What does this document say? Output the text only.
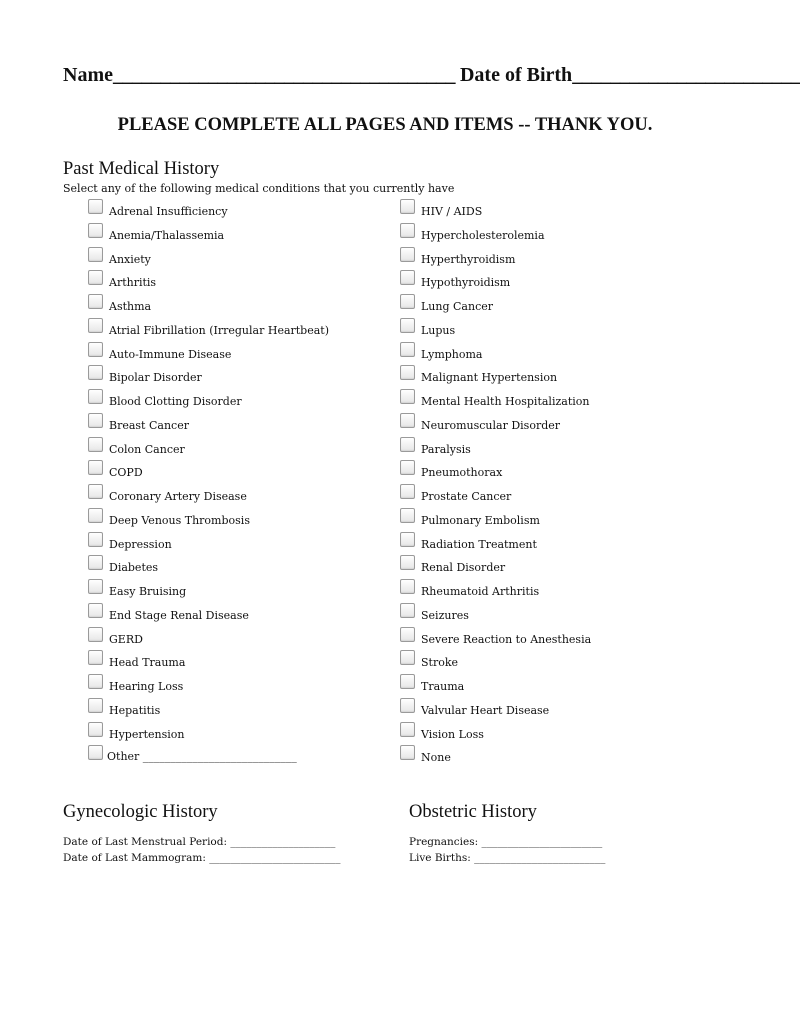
Name____________________________________ Date of Birth________________________
PLEASE COMPLETE ALL PAGES AND ITEMS -- THANK YOU.
Past Medical History
Select any of the following medical conditions that you currently have
Adrenal Insufficiency
Anemia/Thalassemia
Anxiety
Arthritis
Asthma
Atrial Fibrillation (Irregular Heartbeat)
Auto-Immune Disease
Bipolar Disorder
Blood Clotting Disorder
Breast Cancer
Colon Cancer
COPD
Coronary Artery Disease
Deep Venous Thrombosis
Depression
Diabetes
Easy Bruising
End Stage Renal Disease
GERD
Head Trauma
Hearing Loss
Hepatitis
Hypertension
Other ____________________________
HIV / AIDS
Hypercholesterolemia
Hyperthyroidism
Hypothyroidism
Lung Cancer
Lupus
Lymphoma
Malignant Hypertension
Mental Health Hospitalization
Neuromuscular Disorder
Paralysis
Pneumothorax
Prostate Cancer
Pulmonary Embolism
Radiation Treatment
Renal Disorder
Rheumatoid Arthritis
Seizures
Severe Reaction to Anesthesia
Stroke
Trauma
Valvular Heart Disease
Vision Loss
None
Gynecologic History
Date of Last Menstrual Period: ____________________
Date of Last Mammogram: _________________________
Obstetric History
Pregnancies: _______________________
Live Births: _________________________
